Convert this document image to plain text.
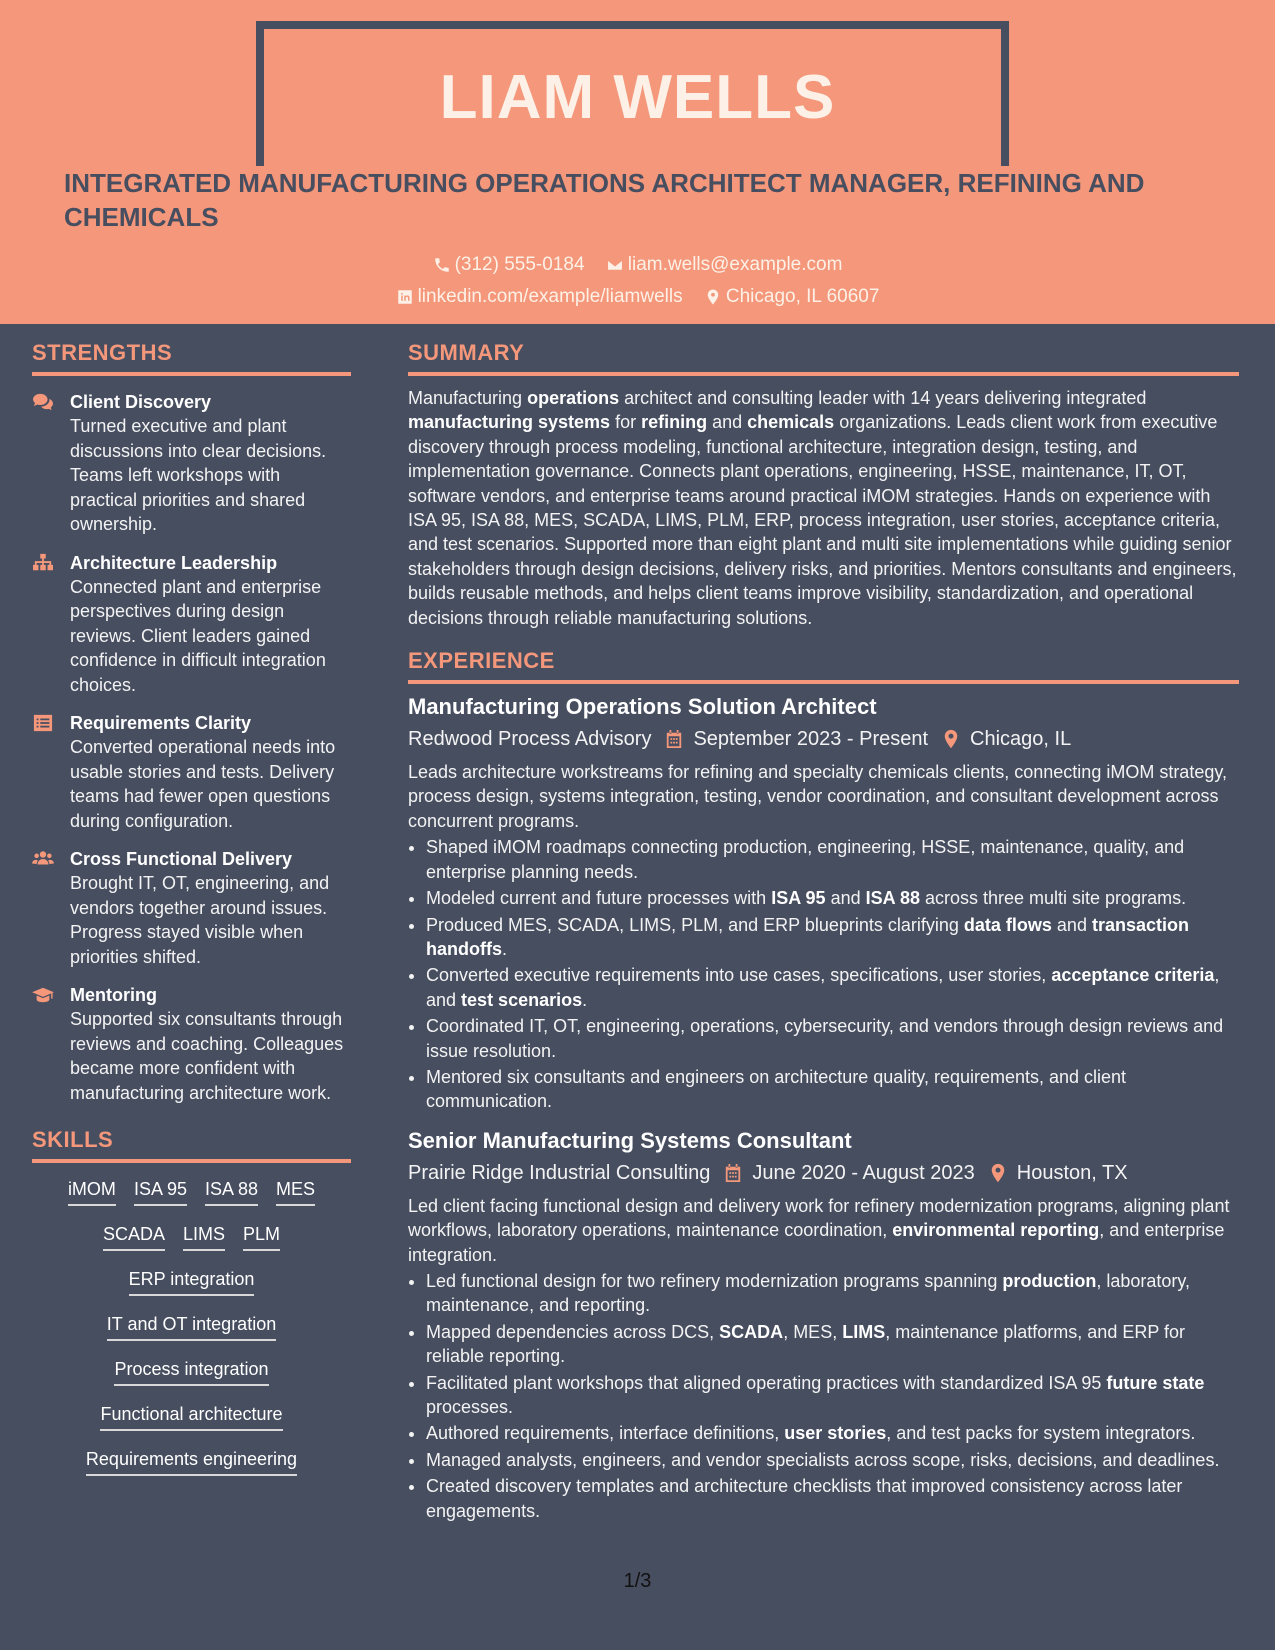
LIAM WELLS
INTEGRATED MANUFACTURING OPERATIONS ARCHITECT MANAGER, REFINING AND CHEMICALS
(312) 555-0184
liam.wells@example.com
linkedin.com/example/liamwells
Chicago, IL 60607
STRENGTHS
Client Discovery
Turned executive and plant discussions into clear decisions. Teams left workshops with practical priorities and shared ownership.
Architecture Leadership
Connected plant and enterprise perspectives during design reviews. Client leaders gained confidence in difficult integration choices.
Requirements Clarity
Converted operational needs into usable stories and tests. Delivery teams had fewer open questions during configuration.
Cross Functional Delivery
Brought IT, OT, engineering, and vendors together around issues. Progress stayed visible when priorities shifted.
Mentoring
Supported six consultants through reviews and coaching. Colleagues became more confident with manufacturing architecture work.
SKILLS
iMOM ISA 95 ISA 88 MES
SCADA LIMS PLM
ERP integration
IT and OT integration
Process integration
Functional architecture
Requirements engineering
SUMMARY

Manufacturing operations architect and consulting leader with 14 years delivering integrated manufacturing systems for refining and chemicals organizations. Leads client work from executive discovery through process modeling, functional architecture, integration design, testing, and implementation governance. Connects plant operations, engineering, HSSE, maintenance, IT, OT, software vendors, and enterprise teams around practical iMOM strategies. Hands on experience with ISA 95, ISA 88, MES, SCADA, LIMS, PLM, ERP, process integration, user stories, acceptance criteria, and test scenarios. Supported more than eight plant and multi site implementations while guiding senior stakeholders through design decisions, delivery risks, and priorities. Mentors consultants and engineers, builds reusable methods, and helps client teams improve visibility, standardization, and operational decisions through reliable manufacturing solutions.

EXPERIENCE
Manufacturing Operations Solution Architect
Redwood Process Advisory September 2023 - Present Chicago, IL
Leads architecture workstreams for refining and specialty chemicals clients, connecting iMOM strategy, process design, systems integration, testing, vendor coordination, and consultant development across concurrent programs.
• Shaped iMOM roadmaps connecting production, engineering, HSSE, maintenance, quality, and enterprise planning needs.
• Modeled current and future processes with ISA 95 and ISA 88 across three multi site programs.
• Produced MES, SCADA, LIMS, PLM, and ERP blueprints clarifying data flows and transaction handoffs.
• Converted executive requirements into use cases, specifications, user stories, acceptance criteria, and test scenarios.
• Coordinated IT, OT, engineering, operations, cybersecurity, and vendors through design reviews and issue resolution.
• Mentored six consultants and engineers on architecture quality, requirements, and client communication.
Senior Manufacturing Systems Consultant
Prairie Ridge Industrial Consulting June 2020 - August 2023 Houston, TX
Led client facing functional design and delivery work for refinery modernization programs, aligning plant workflows, laboratory operations, maintenance coordination, environmental reporting, and enterprise integration.
• Led functional design for two refinery modernization programs spanning production, laboratory, maintenance, and reporting.
• Mapped dependencies across DCS, SCADA, MES, LIMS, maintenance platforms, and ERP for reliable reporting.
• Facilitated plant workshops that aligned operating practices with standardized ISA 95 future state processes.
• Authored requirements, interface definitions, user stories, and test packs for system integrators.
• Managed analysts, engineers, and vendor specialists across scope, risks, decisions, and deadlines.
• Created discovery templates and architecture checklists that improved consistency across later engagements.
1/3
